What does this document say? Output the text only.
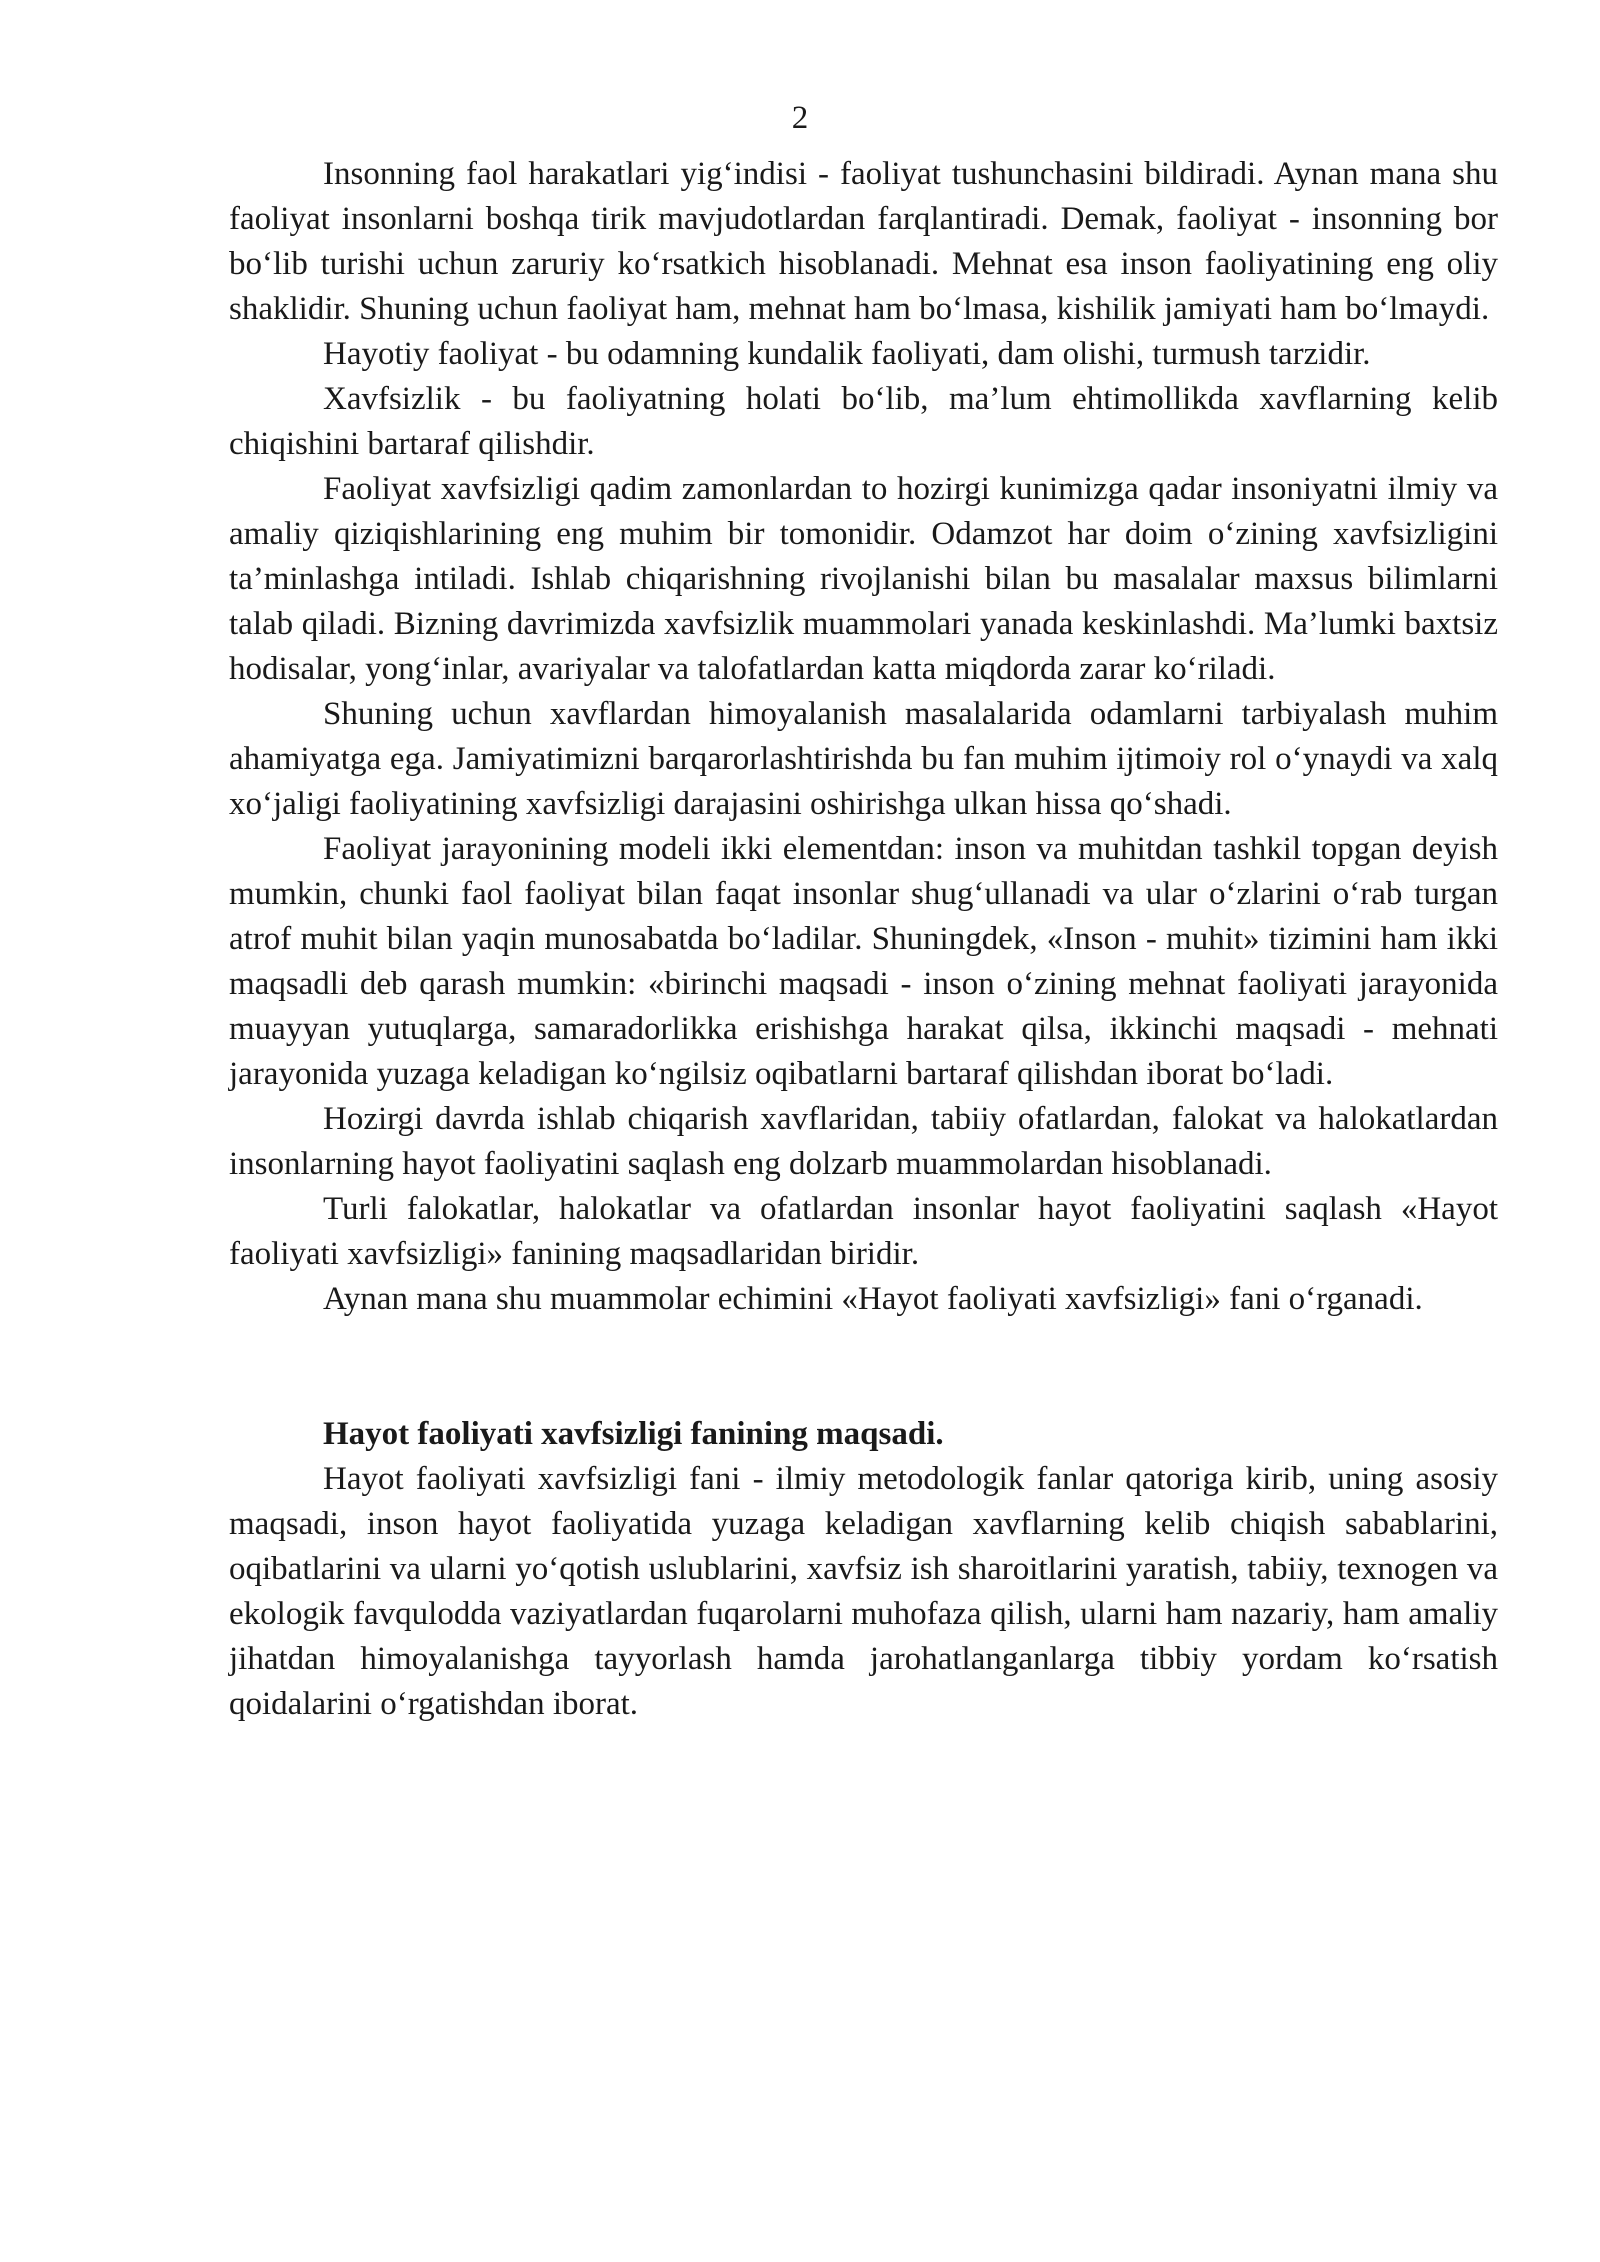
2

Insonning faol harakatlari yig‘indisi - faoliyat tushunchasini bildiradi. Aynan mana shu faoliyat insonlarni boshqa tirik mavjudotlardan farqlantiradi. Demak, faoliyat - insonning bor bo‘lib turishi uchun zaruriy ko‘rsatkich hisoblanadi. Mehnat esa inson faoliyatining eng oliy shaklidir. Shuning uchun faoliyat ham, mehnat ham bo‘lmasa, kishilik jamiyati ham bo‘lmaydi.

Hayotiy faoliyat - bu odamning kundalik faoliyati, dam olishi, turmush tarzidir.

Xavfsizlik - bu faoliyatning holati bo‘lib, ma’lum ehtimollikda xavflarning kelib chiqishini bartaraf qilishdir.

Faoliyat xavfsizligi qadim zamonlardan to hozirgi kunimizga qadar insoniyatni ilmiy va amaliy qiziqishlarining eng muhim bir tomonidir. Odamzot har doim o‘zining xavfsizligini ta’minlashga intiladi. Ishlab chiqarishning rivojlanishi bilan bu masalalar maxsus bilimlarni talab qiladi. Bizning davrimizda xavfsizlik muammolari yanada keskinlashdi. Ma’lumki baxtsiz hodisalar, yong‘inlar, avariyalar va talofatlardan katta miqdorda zarar ko‘riladi.

Shuning uchun xavflardan himoyalanish masalalarida odamlarni tarbiyalash muhim ahamiyatga ega. Jamiyatimizni barqarorlashtirishda bu fan muhim ijtimoiy rol o‘ynaydi va xalq xo‘jaligi faoliyatining xavfsizligi darajasini oshirishga ulkan hissa qo‘shadi.

Faoliyat jarayonining modeli ikki elementdan: inson va muhitdan tashkil topgan deyish mumkin, chunki faol faoliyat bilan faqat insonlar shug‘ullanadi va ular o‘zlarini o‘rab turgan atrof muhit bilan yaqin munosabatda bo‘ladilar. Shuningdek, «Inson - muhit» tizimini ham ikki maqsadli deb qarash mumkin: «birinchi maqsadi - inson o‘zining mehnat faoliyati jarayonida muayyan yutuqlarga, samaradorlikka erishishga harakat qilsa, ikkinchi maqsadi - mehnati jarayonida yuzaga keladigan ko‘ngilsiz oqibatlarni bartaraf qilishdan iborat bo‘ladi.

Hozirgi davrda ishlab chiqarish xavflaridan, tabiiy ofatlardan, falokat va halokatlardan insonlarning hayot faoliyatini saqlash eng dolzarb muammolardan hisoblanadi.

Turli falokatlar, halokatlar va ofatlardan insonlar hayot faoliyatini saqlash «Hayot faoliyati xavfsizligi» fanining maqsadlaridan biridir.

Aynan mana shu muammolar echimini «Hayot faoliyati xavfsizligi» fani o‘rganadi.

Hayot faoliyati xavfsizligi fanining maqsadi.

Hayot faoliyati xavfsizligi fani - ilmiy metodologik fanlar qatoriga kirib, uning asosiy maqsadi, inson hayot faoliyatida yuzaga keladigan xavflarning kelib chiqish sabablarini, oqibatlarini va ularni yo‘qotish uslublarini, xavfsiz ish sharoitlarini yaratish, tabiiy, texnogen va ekologik favqulodda vaziyatlardan fuqarolarni muhofaza qilish, ularni ham nazariy, ham amaliy jihatdan himoyalanishga tayyorlash hamda jarohatlanganlarga tibbiy yordam ko‘rsatish qoidalarini o‘rgatishdan iborat.
